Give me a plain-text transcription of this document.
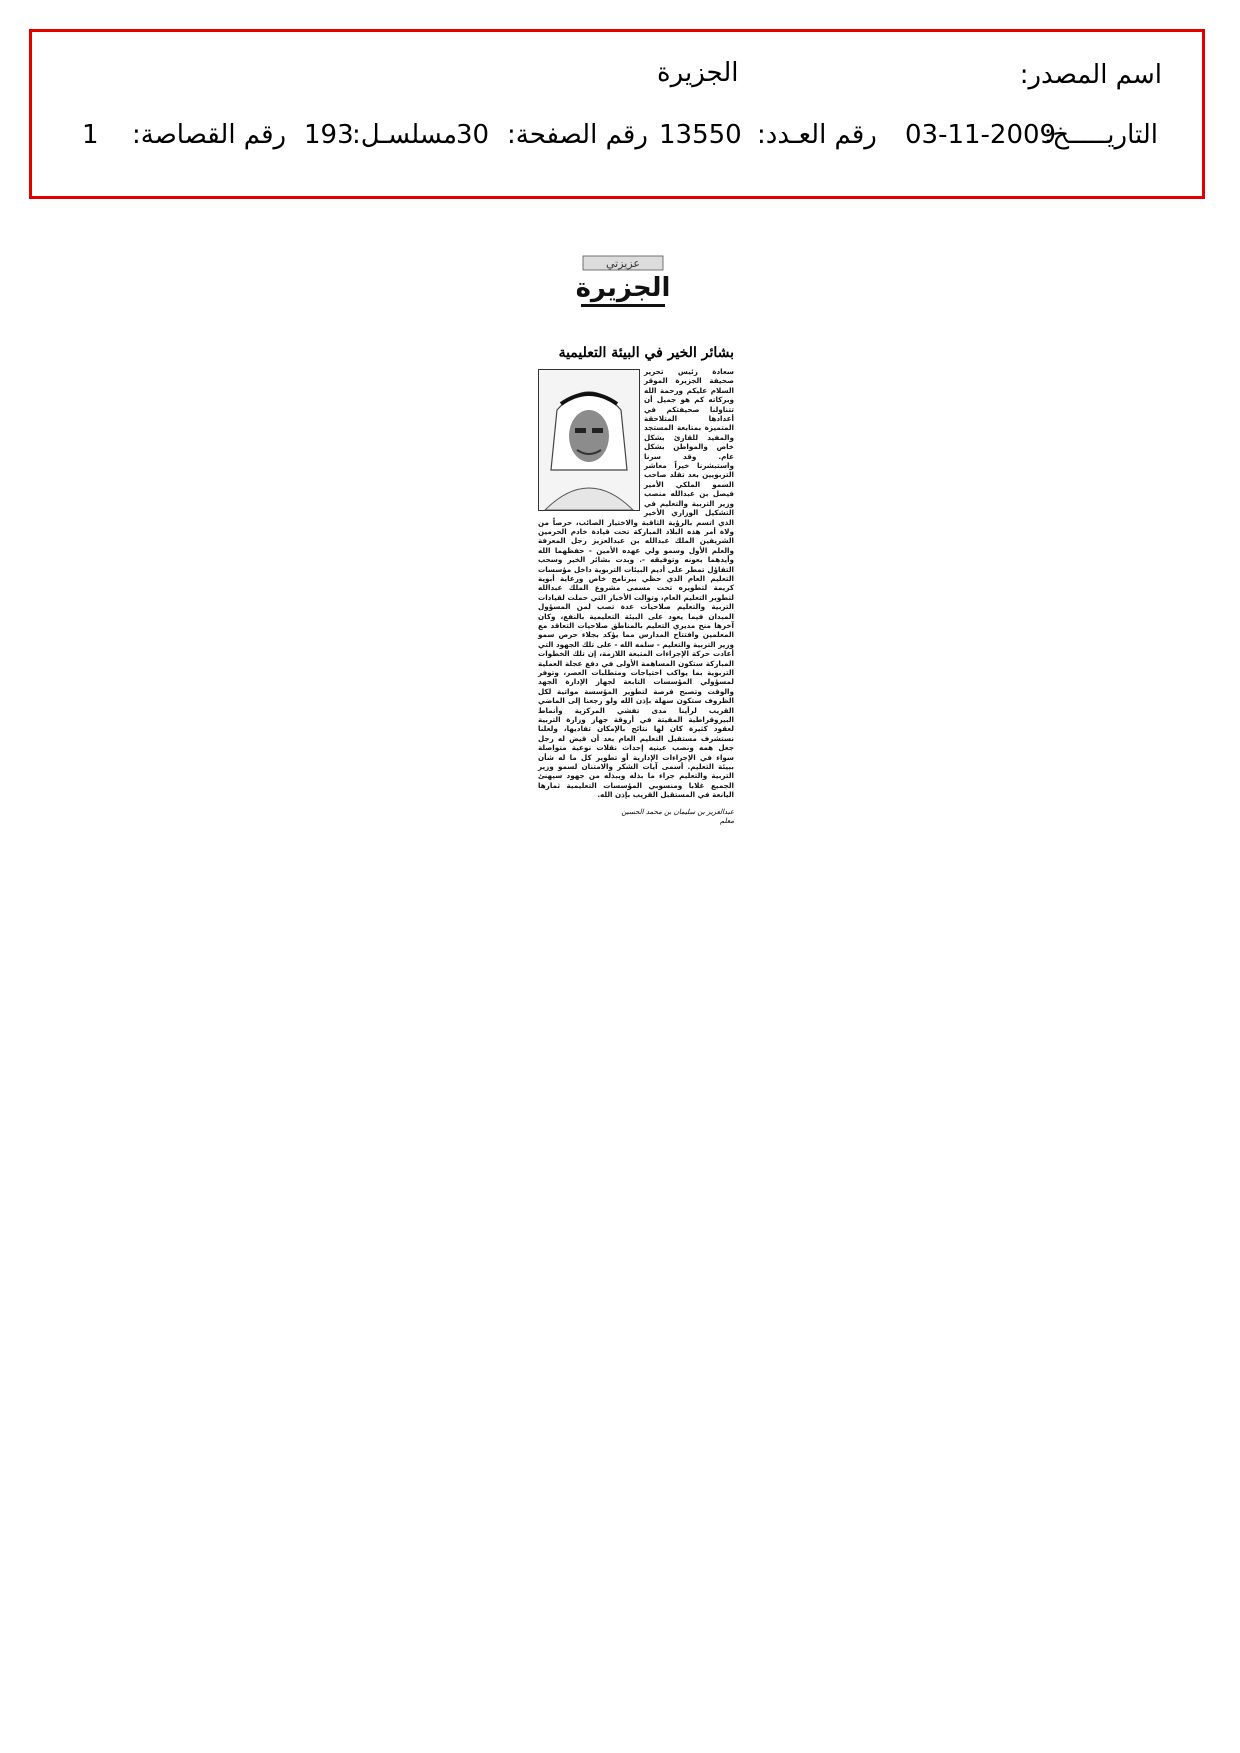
اسم المصدر:
الجزيرة
التاريـــــخ:
03-11-2009
رقم العـدد:
13550
رقم الصفحة:
30
مسلسـل:
193
رقم القصاصة:
1
عزيزتي
الجزيرة
بشائر الخير في البيئة التعليمية
سعادة رئيس تحرير صحيفة الجزيرة الموقر السلام عليكم ورحمة الله وبركاته كم هو جميل أن تتناولنا صحيفتكم في أعدادها المتلاحقة المتميزة بمتابعة المستجد والمفيد للقارئ بشكل خاص والمواطن بشكل عام. وقد سرنا واستبشرنا خيراً معاشر التربويين بعد تقلد صاحب السمو الملكي الأمير فيصل بن عبدالله منصب وزير التربية والتعليم في التشكيل الوزاري الأخير الذي اتسم بالرؤية الثاقبة والاختيار الصائب، حرصاً من ولاة أمر هذه البلاد المباركة تحت قيادة خادم الحرمين الشريفين الملك عبدالله بن عبدالعزيز رجل المعرفة والعلم الأول وسمو ولي عهده الأمين - حفظهما الله وأيدهما بعونه وتوفيقه -. وبدت بشائر الخير وسحب التفاؤل تمطر على أديم البيئات التربوية داخل مؤسسات التعليم العام الذي حظي ببرنامج خاص ورعاية أبوية كريمة لتطويره تحت مسمى مشروع الملك عبدالله لتطوير التعليم العام، وتوالت الأخبار التي حملت لقيادات التربية والتعليم صلاحيات عدة تصب لمن المسؤول الميدان فيما يعود على البيئة التعليمية بالنفع، وكان آخرها منح مديري التعليم بالمناطق صلاحيات التعاقد مع المعلمين وافتتاح المدارس مما يؤكد بجلاء حرص سمو وزير التربية والتعليم - سلمه الله - على تلك الجهود التي أعادت حركة الإجراءات المتبعة اللازمة، إن تلك الخطوات المباركة ستكون المساهمة الأولى في دفع عجلة العملية التربوية بما يواكب احتياجات ومتطلبات العصر، وتوفر لمسؤولي المؤسسات التابعة لجهاز الإدارة الجهد والوقت وتصبح فرصة لتطوير المؤسسة مواتية لكل الظروف ستكون سهلة بإذن الله ولو رجعنا إلى الماضي القريب لرأينا مدى تفشي المركزية وأنماط البيروقراطية المقيتة في أروقة جهاز وزارة التربية لعقود كثيرة كان لها نتائج بالإمكان تفاديها، ولعلنا نستشرف مستقبل التعليم العام بعد أن قيض له رجل جعل همه ونصب عينيه إحداث نقلات نوعية متواصلة سواء في الإجراءات الإدارية أو تطوير كل ما له شأن ببيئة التعليم. أسمى آيات الشكر والامتنان لسمو وزير التربية والتعليم جراء ما بذله ويبذله من جهود سيهنئ الجميع غلابا ومنسوبي المؤسسات التعليمية ثمارها اليانعة في المستقبل القريب بإذن الله.
عبدالعزيز بن سليمان بن محمد الحسين
معلم
